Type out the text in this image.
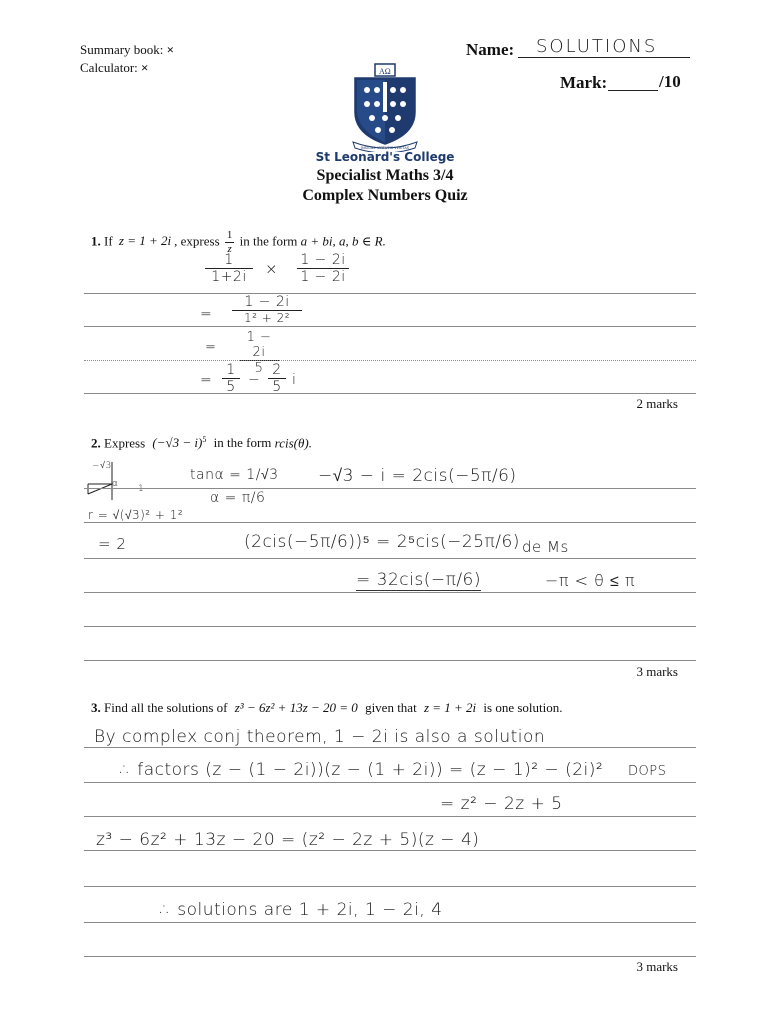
Summary book: ×
Calculator: ×
Name: SOLUTIONS
Mark:	/10
AΩ
INSIGNE VIRTUTIS VERITAS
St Leonard's College
Specialist Maths 3/4
Complex Numbers Quiz
1. If z = 1 + 2i , express $\frac{1}{z}$ in the form a + bi, a, b ∈ R.
1
1+2i	× 1 − 2i
1 − 2i
=
1 − 2i
1² + 2²
=
1 − 2i
5
=
1
5 −
2
5 i
2 marks
2. Express $(-√3 - i)^5$ in the form rcis(θ).
−√3
α −1
tanα = 1/√3 −√3 − i = 2cis(−5π/6)
α = π/6
r = √(√3)² + 1²
= 2	(2cis(−5π/6))⁵ = 2⁵cis(−25π/6) de Ms
= 32cis(−π/6)	−π < θ ≤ π
3 marks
3. Find all the solutions of z³ − 6z² + 13z − 20 = 0 given that z = 1 + 2i is one solution.
By complex conj theorem, 1 − 2i is also a solution
∴ factors (z − (1 − 2i))(z − (1 + 2i)) = (z − 1)² − (2i)² DOPS
= z² − 2z + 5
z³ − 6z² + 13z − 20 = (z² − 2z + 5)(z − 4)
∴ solutions are 1 + 2i, 1 − 2i, 4
3 marks
